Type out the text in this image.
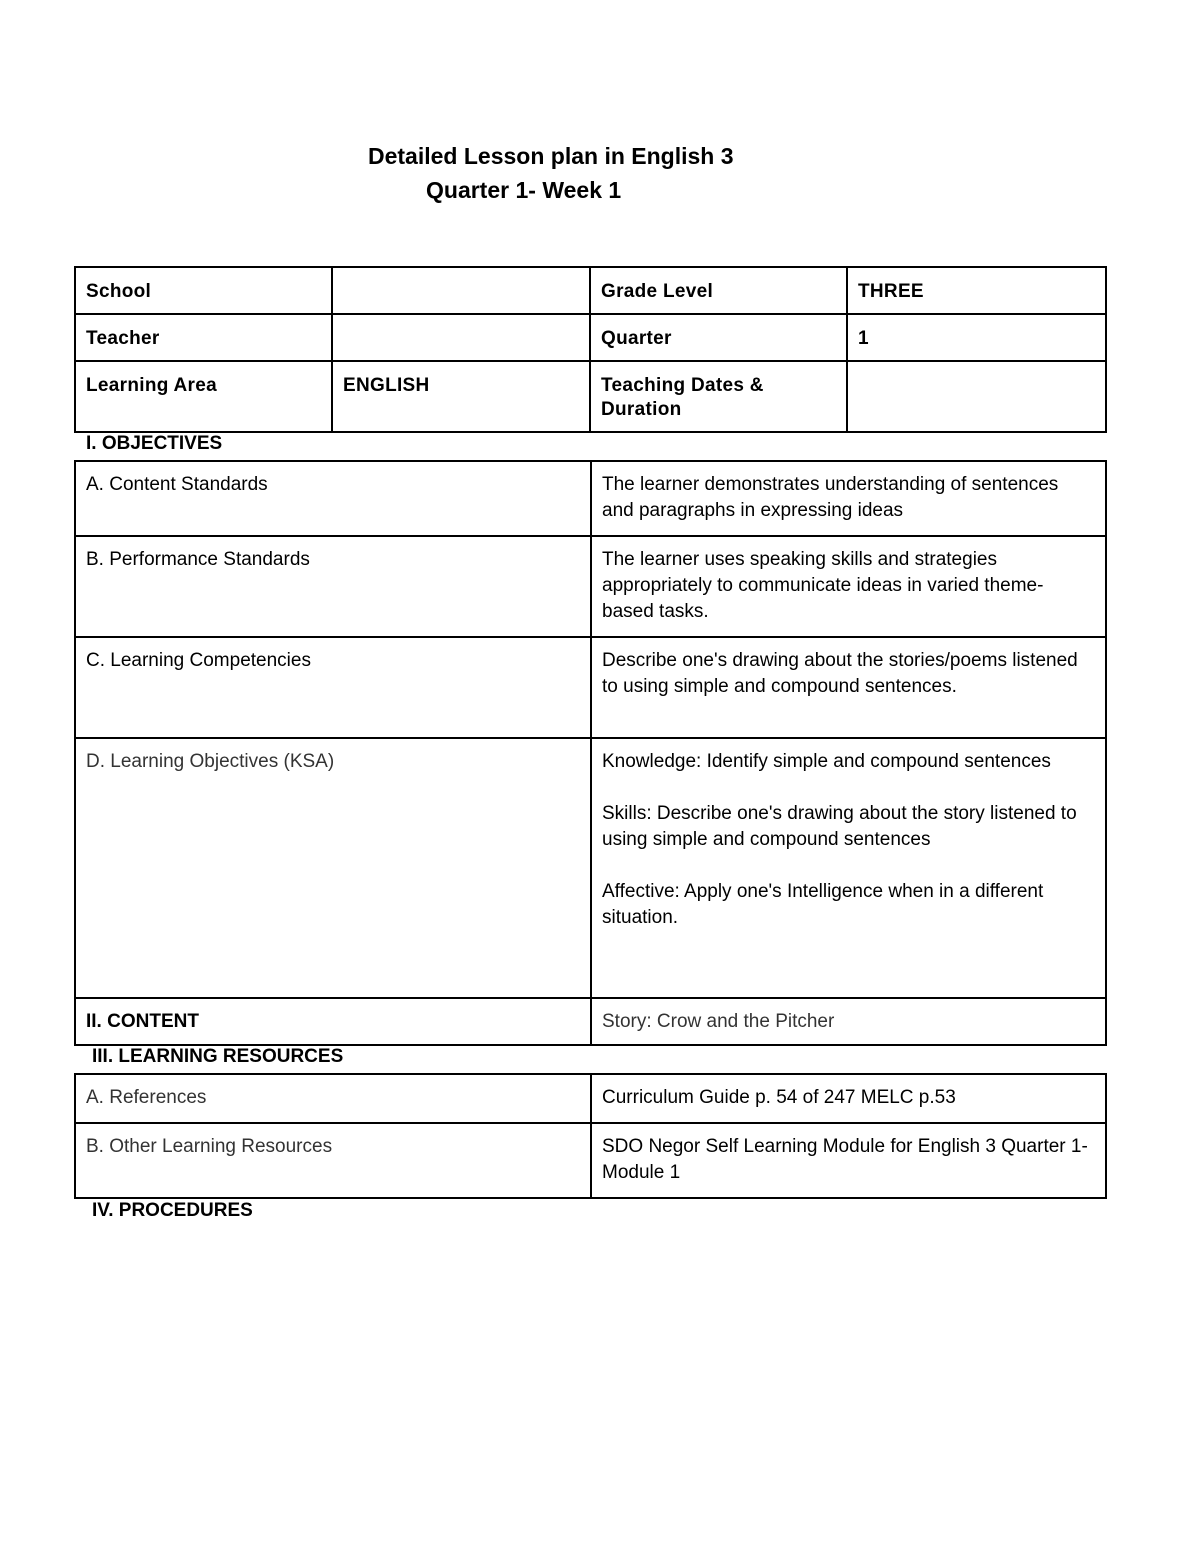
Detailed Lesson plan in English 3
Quarter 1- Week 1
School		Grade Level	THREE

Teacher		Quarter	1

Learning Area	ENGLISH	Teaching Dates & Duration	

I. OBJECTIVES
A. Content Standards	The learner demonstrates understanding of sentences and paragraphs in expressing ideas

B. Performance Standards	The learner uses speaking skills and strategies appropriately to communicate ideas in varied theme-based tasks.

C. Learning Competencies	Describe one's drawing about the stories/poems listened to using simple and compound sentences.

D. Learning Objectives (KSA)	Knowledge: Identify simple and compound sentences
Skills: Describe one's drawing about the story listened to using simple and compound sentences
Affective: Apply one's Intelligence when in a different situation.

II. CONTENT	Story: Crow and the Pitcher
III. LEARNING RESOURCES
A. References	Curriculum Guide p. 54 of 247 MELC p.53

B. Other Learning Resources	SDO Negor Self Learning Module for English 3 Quarter 1-Module 1
IV. PROCEDURES
